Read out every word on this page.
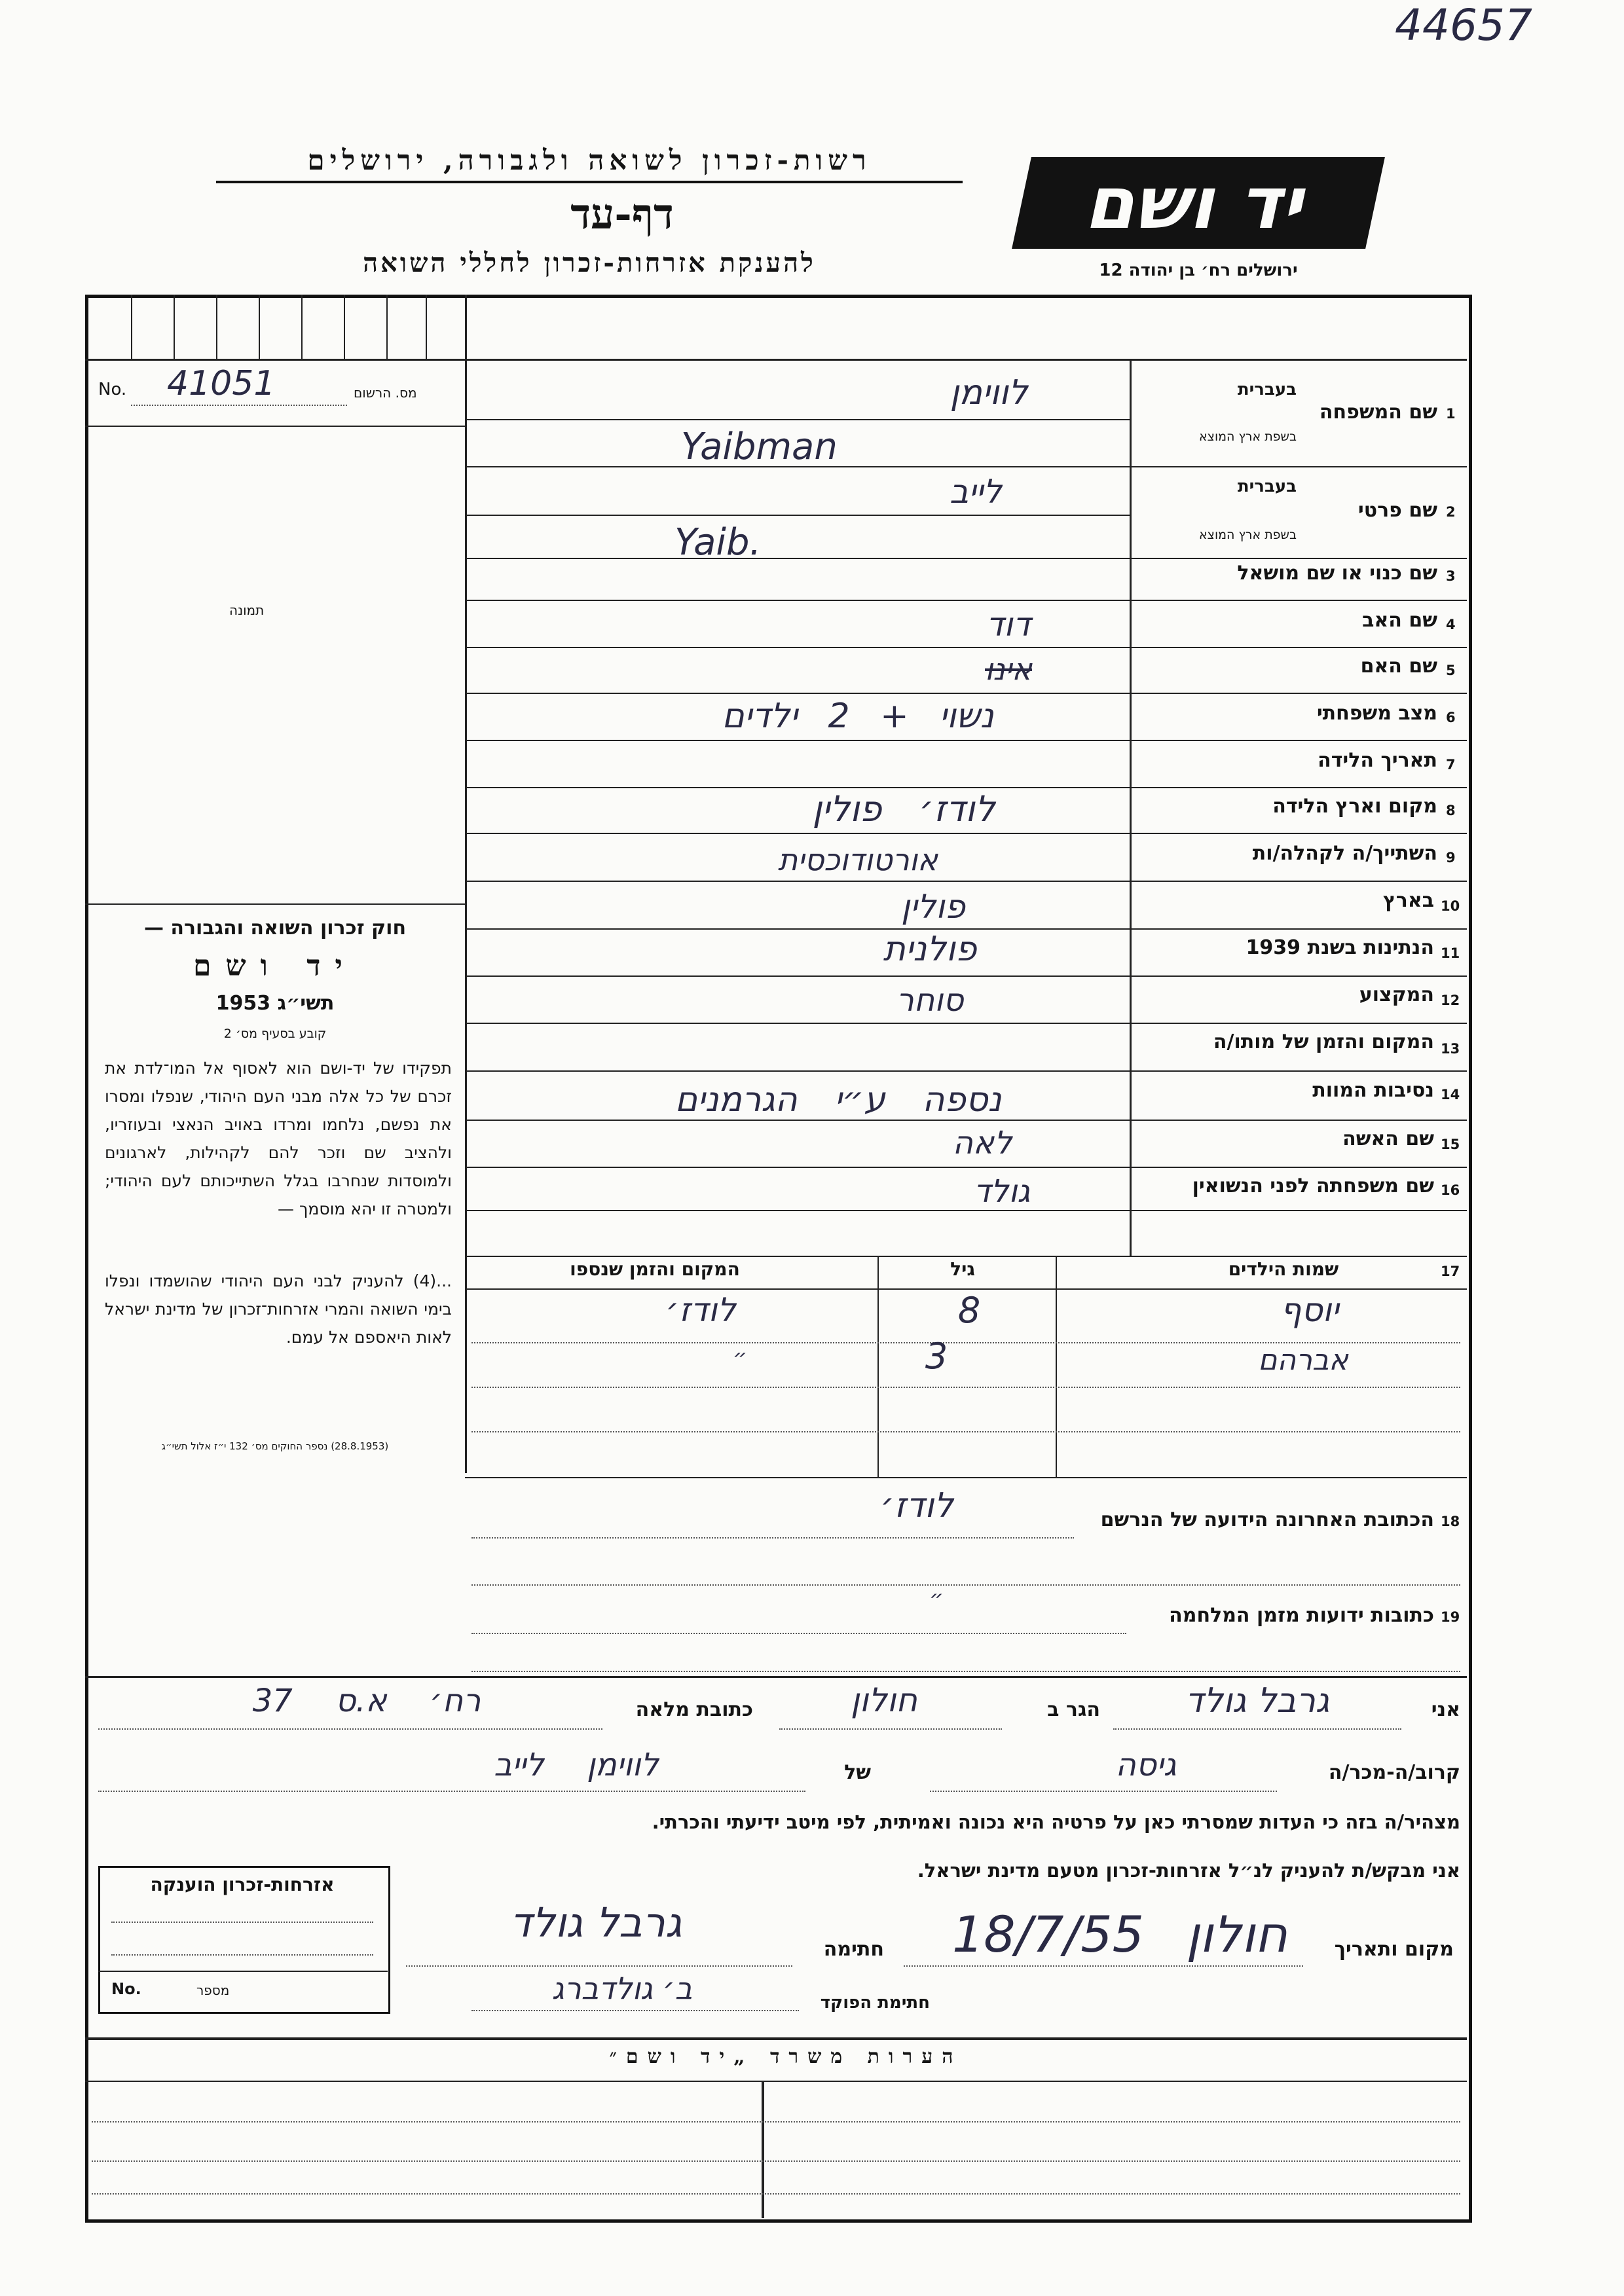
44657
רשות-זכרון לשואה ולגבורה, ירושלים
דף-עד
להענקת אזרחות-זכרון לחללי השואה
יד ושם
ירושלים רח׳ בן יהודה 12
No. 41051	מס. הרשום
תמונה
1
שם המשפחה
בעברית
בשפת ארץ המוצא
לווימן
Yaibman
2
שם פרטי
בעברית
בשפת ארץ המוצא
לייב
Yaib.
3
שם כנוי או שם מושאל
4
שם האב
דוד
5
שם האם
אינו
6
מצב משפחתי
נשוי + 2 ילדים
7
תאריך הלידה
8
מקום וארץ הלידה
לודז׳ פולין
9
השתייך/ה לקהלה/ות
אורטודוכסית
10
בארץ
פולין
11
הנתינות בשנת 1939
פולנית
12
המקצוע
סוחר
13
המקום והזמן של מותו/ה
14
נסיבות המוות
נספה ע״י הגרמנים
15
שם האשה
לאה
16
שם משפחתה לפני הנשואין
גולד
17
שמות הילדים
גיל
המקום והזמן שנספו
יוסף
8
לודז׳
אברהם
3
״
18
הכתובת האחרונה הידועה של הנרשם
לודז׳
19
כתובות ידועות מזמן המלחמה
״
חוק זכרון השואה והגבורה —
יד ושם
תשי״ג 1953
קובע בסעיף מס׳ 2
תפקידו של יד-ושם הוא לאסוף אל המו־לדת את זכרם של כל אלה מבני העם היהודי, שנפלו ומסרו את נפשם, נלחמו ומרדו באויב הנאצי ובעוזריו, ולהציב שם וזכר להם לקהילות, לארגונים ולמוסדות שנחרבו בגלל השתייכותם לעם היהודי; ולמטרה זו יהא מוסמך —
...(4) להעניק לבני העם היהודי שהושמדו ונפלו בימי השואה והמרי אזרחות־זכרון של מדינת ישראל לאות היאספם אל עמם.
(28.8.1953) נספר החוקים מס׳ 132 י״ז אלול תשי״ג
אני
גרבל גולד
הגר ב
חולון
כתובת מלאה
רח׳ א.ס 37
קרוב/ה-מכר/ה
גיסה
של
לווימן לייב
מצהיר/ה בזה כי העדות שמסרתי כאן על פרטיה היא נכונה ואמיתית, לפי מיטב ידיעתי והכרתי.
אני מבקש/ת להעניק לנ״ל אזרחות-זכרון מטעם מדינת ישראל.
אזרחות-זכרון הוענקה
No.	מספר
מקום ותאריך
חולון 18/7/55
חתימה
גרבל גולד
חתימת הפוקד
ב׳ גולדברג
הערות משרד „יד ושם״
